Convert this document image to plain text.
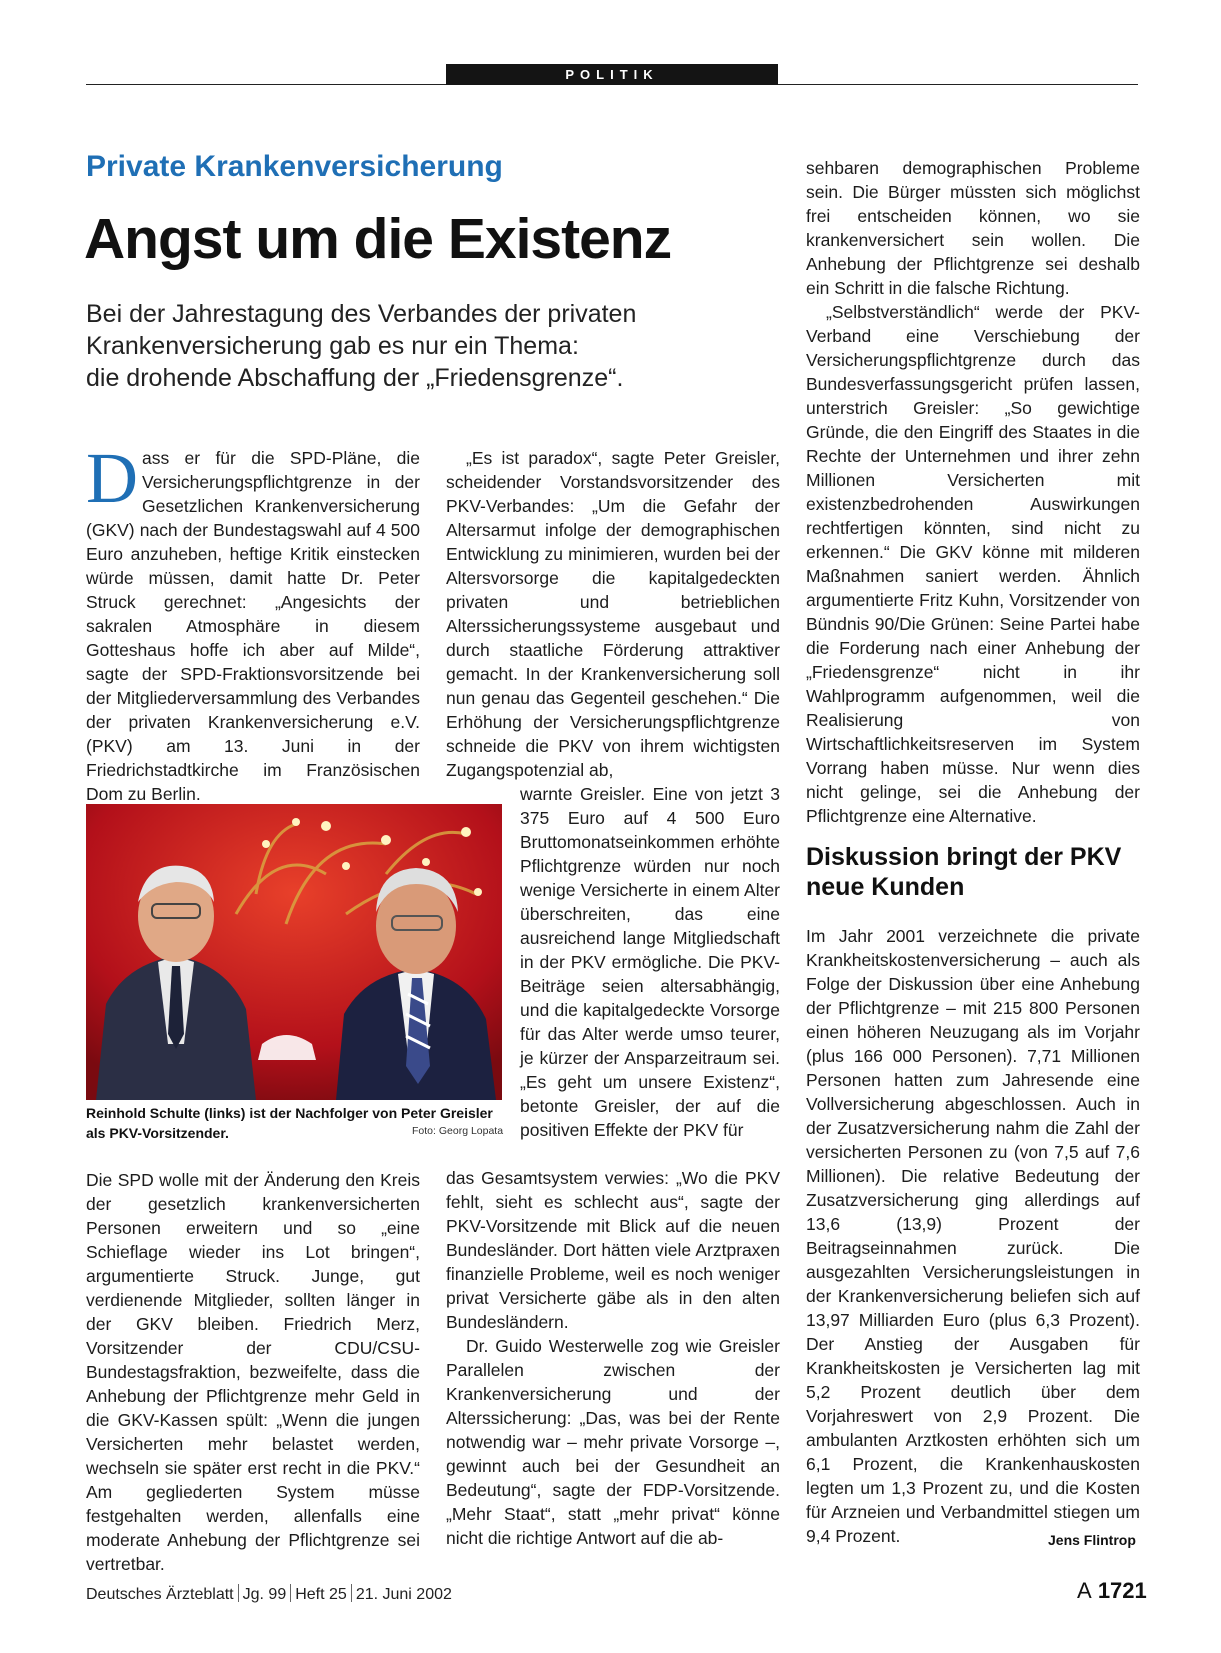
POLITIK
Private Krankenversicherung
Angst um die Existenz
Bei der Jahrestagung des Verbandes der privaten
Krankenversicherung gab es nur ein Thema:
die drohende Abschaffung der „Friedensgrenze“.

Dass er für die SPD-Pläne, die Versicherungspflichtgrenze in der Gesetzlichen Krankenversicherung (GKV) nach der Bundestagswahl auf 4 500 Euro anzuheben, heftige Kritik einstecken würde müssen, damit hatte Dr. Peter Struck gerechnet: „Angesichts der sakralen Atmosphäre in diesem Gotteshaus hoffe ich aber auf Milde“, sagte der SPD-Fraktionsvorsitzende bei der Mitgliederversammlung des Verbandes der privaten Krankenversicherung e.V. (PKV) am 13. Juni in der Friedrichstadtkirche im Französischen Dom zu Berlin.

Reinhold Schulte (links) ist der Nachfolger von Peter Greisler als PKV-Vorsitzender.	Foto: Georg Lopata

Die SPD wolle mit der Änderung den Kreis der gesetzlich krankenversicherten Personen erweitern und so „eine Schieflage wieder ins Lot bringen“, argumentierte Struck. Junge, gut verdienende Mitglieder, sollten länger in der GKV bleiben. Friedrich Merz, Vorsitzender der CDU/CSU-Bundestagsfraktion, bezweifelte, dass die Anhebung der Pflichtgrenze mehr Geld in die GKV-Kassen spült: „Wenn die jungen Versicherten mehr belastet werden, wechseln sie später erst recht in die PKV.“ Am gegliederten System müsse festgehalten werden, allenfalls eine moderate Anhebung der Pflichtgrenze sei vertretbar.

„Es ist paradox“, sagte Peter Greisler, scheidender Vorstandsvorsitzender des PKV-Verbandes: „Um die Gefahr der Altersarmut infolge der demographischen Entwicklung zu minimieren, wurden bei der Altersvorsorge die kapitalgedeckten privaten und betrieblichen Alterssicherungssysteme ausgebaut und durch staatliche Förderung attraktiver gemacht. In der Krankenversicherung soll nun genau das Gegenteil geschehen.“ Die Erhöhung der Versicherungspflichtgrenze schneide die PKV von ihrem wichtigsten Zugangspotenzial ab,

warnte Greisler. Eine von jetzt 3 375 Euro auf 4 500 Euro Bruttomonatseinkommen erhöhte Pflichtgrenze würden nur noch wenige Versicherte in einem Alter überschreiten, das eine ausreichend lange Mitgliedschaft in der PKV ermögliche. Die PKV-Beiträge seien altersabhängig, und die kapitalgedeckte Vorsorge für das Alter werde umso teurer, je kürzer der Ansparzeitraum sei. „Es geht um unsere Existenz“, betonte Greisler, der auf die positiven Effekte der PKV für

das Gesamtsystem verwies: „Wo die PKV fehlt, sieht es schlecht aus“, sagte der PKV-Vorsitzende mit Blick auf die neuen Bundesländer. Dort hätten viele Arztpraxen finanzielle Probleme, weil es noch weniger privat Versicherte gäbe als in den alten Bundesländern.

Dr. Guido Westerwelle zog wie Greisler Parallelen zwischen der Krankenversicherung und der Alterssicherung: „Das, was bei der Rente notwendig war – mehr private Vorsorge –, gewinnt auch bei der Gesundheit an Bedeutung“, sagte der FDP-Vorsitzende. „Mehr Staat“, statt „mehr privat“ könne nicht die richtige Antwort auf die ab-

sehbaren demographischen Probleme sein. Die Bürger müssten sich möglichst frei entscheiden können, wo sie krankenversichert sein wollen. Die Anhebung der Pflichtgrenze sei deshalb ein Schritt in die falsche Richtung.

„Selbstverständlich“ werde der PKV-Verband eine Verschiebung der Versicherungspflichtgrenze durch das Bundesverfassungsgericht prüfen lassen, unterstrich Greisler: „So gewichtige Gründe, die den Eingriff des Staates in die Rechte der Unternehmen und ihrer zehn Millionen Versicherten mit existenzbedrohenden Auswirkungen rechtfertigen könnten, sind nicht zu erkennen.“ Die GKV könne mit milderen Maßnahmen saniert werden. Ähnlich argumentierte Fritz Kuhn, Vorsitzender von Bündnis 90/Die Grünen: Seine Partei habe die Forderung nach einer Anhebung der „Friedensgrenze“ nicht in ihr Wahlprogramm aufgenommen, weil die Realisierung von Wirtschaftlichkeitsreserven im System Vorrang haben müsse. Nur wenn dies nicht gelinge, sei die Anhebung der Pflichtgrenze eine Alternative.

Diskussion bringt der PKV neue Kunden

Im Jahr 2001 verzeichnete die private Krankheitskostenversicherung – auch als Folge der Diskussion über eine Anhebung der Pflichtgrenze – mit 215 800 Personen einen höheren Neuzugang als im Vorjahr (plus 166 000 Personen). 7,71 Millionen Personen hatten zum Jahresende eine Vollversicherung abgeschlossen. Auch in der Zusatzversicherung nahm die Zahl der versicherten Personen zu (von 7,5 auf 7,6 Millionen). Die relative Bedeutung der Zusatzversicherung ging allerdings auf 13,6 (13,9) Prozent der Beitragseinnahmen zurück. Die ausgezahlten Versicherungsleistungen in der Krankenversicherung beliefen sich auf 13,97 Milliarden Euro (plus 6,3 Prozent). Der Anstieg der Ausgaben für Krankheitskosten je Versicherten lag mit 5,2 Prozent deutlich über dem Vorjahreswert von 2,9 Prozent. Die ambulanten Arztkosten erhöhten sich um 6,1 Prozent, die Krankenhauskosten legten um 1,3 Prozent zu, und die Kosten für Arzneien und Verbandmittel stiegen um 9,4 Prozent.	Jens Flintrop
Deutsches Ärzteblatt Jg. 99 Heft 25 21. Juni 2002	A 1721
